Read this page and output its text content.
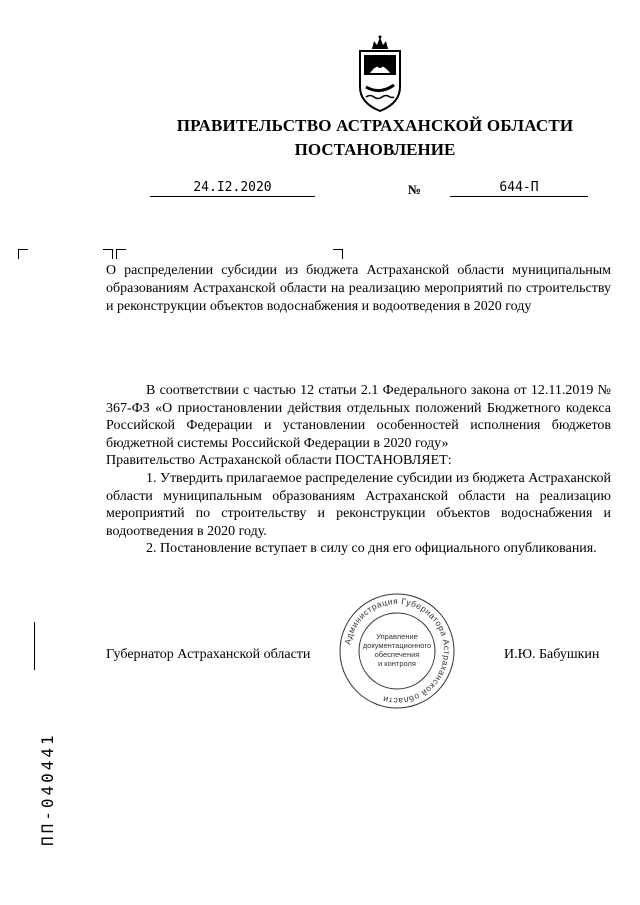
ПРАВИТЕЛЬСТВО АСТРАХАНСКОЙ ОБЛАСТИ
ПОСТАНОВЛЕНИЕ
24.I2.2020	№	644-П
О распределении субсидии из бюджета Астраханской области муниципальным образованиям Астраханской области на реализацию мероприятий по строительству и реконструкции объектов водоснабжения и водоотведения в 2020 году

В соответствии с частью 12 статьи 2.1 Федерального закона от 12.11.2019 № 367-ФЗ «О приостановлении действия отдельных положений Бюджетного кодекса Российской Федерации и установлении особенностей исполнения бюджетов бюджетной системы Российской Федерации в 2020 году»

Правительство Астраханской области ПОСТАНОВЛЯЕТ:

1. Утвердить прилагаемое распределение субсидии из бюджета Астраханской области муниципальным образованиям Астраханской области на реализацию мероприятий по строительству и реконструкции объектов водоснабжения и водоотведения в 2020 году.

2. Постановление вступает в силу со дня его официального опубликования.

Губернатор Астраханской области	И.Ю. Бабушкин
Администрация Губернатора Астраханской области
Управление документационного обеспечения и контроля
ПП-040441
